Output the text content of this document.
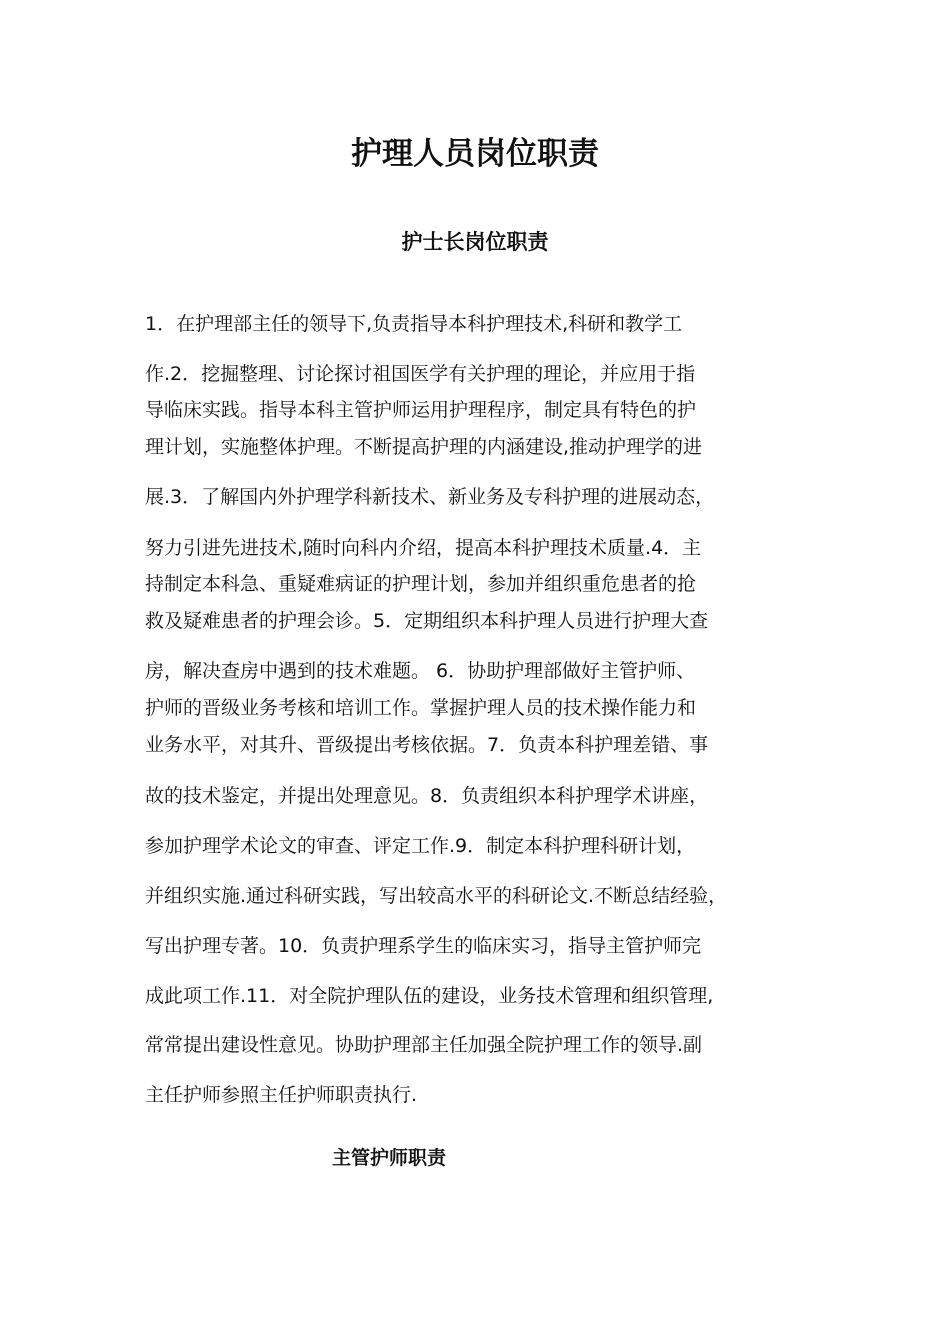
护理人员岗位职责
护士长岗位职责
1．在护理部主任的领导下,负责指导本科护理技术,科研和教学工
作.2．挖掘整理、讨论探讨祖国医学有关护理的理论，并应用于指
导临床实践。指导本科主管护师运用护理程序，制定具有特色的护
理计划，实施整体护理。不断提高护理的内涵建设,推动护理学的进
展.3．了解国内外护理学科新技术、新业务及专科护理的进展动态，
努力引进先进技术,随时向科内介绍，提高本科护理技术质量.4．主
持制定本科急、重疑难病证的护理计划，参加并组织重危患者的抢
救及疑难患者的护理会诊。5．定期组织本科护理人员进行护理大查
房，解决查房中遇到的技术难题。 6．协助护理部做好主管护师、
护师的晋级业务考核和培训工作。掌握护理人员的技术操作能力和
业务水平，对其升、晋级提出考核依据。7．负责本科护理差错、事
故的技术鉴定，并提出处理意见。8．负责组织本科护理学术讲座，
参加护理学术论文的审查、评定工作.9．制定本科护理科研计划，
并组织实施.通过科研实践，写出较高水平的科研论文.不断总结经验，
写出护理专著。10．负责护理系学生的临床实习，指导主管护师完
成此项工作.11．对全院护理队伍的建设，业务技术管理和组织管理,
常常提出建设性意见。协助护理部主任加强全院护理工作的领导.副
主任护师参照主任护师职责执行.
主管护师职责
